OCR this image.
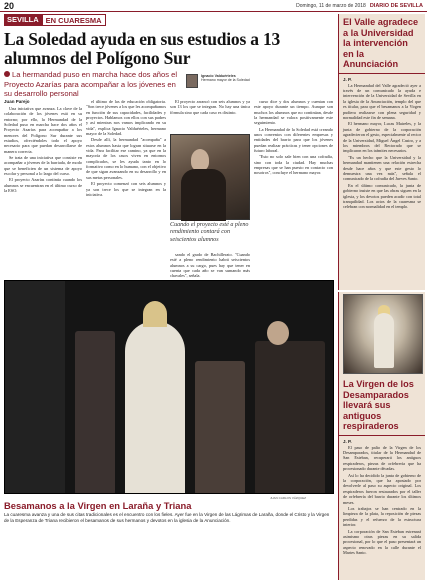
20	Domingo, 11 de marzo de 2018 DIARIO DE SEVILLA
SEVILLA EN CUARESMA
La Soledad ayuda en sus estudios a 13 alumnos del Polígono Sur
La hermandad puso en marcha hace dos años el Proyecto Azarías para acompañar a los jóvenes en su desarrollo personal
Ignacio Valduérteles
Hermano mayor de la Soledad
Juan Parejo

Una iniciativa que avanza. La clave de la colaboración de los jóvenes está en su entorno; por ello, la Hermandad de la Soledad puso en marcha hace dos años el Proyecto Azarías para acompañar a los menores del Polígono Sur durante sus estudios, ofreciéndoles todo el apoyo necesario para que puedan desarrollarse de manera correcta.

Se trata de una iniciativa que consiste en acompañar a jóvenes de la barriada, de modo que se beneficien de un sistema de apoyo escolar y personal a lo largo del curso.

El proyecto Azarías continúa cuando los alumnos se encuentran en el último curso de la ESO.

el último de las de educación obligatoria. "Son trece jóvenes a los que les acompañamos en función de sus capacidades, facilidades y proyectos. Hablamos con ellos con sus padres y así mientras nos vamos implicando en su vida", explica Ignacio Valduérteles, hermano mayor de la Soledad.

Desde allí, la hermandad "acompaña" a estos alumnos hasta que logran situarse en la vida. Para facilitar ese camino, ya que en la mayoría de los casos viven en entornos complicados, se les ayuda tanto en lo formativo como en lo humano, con el objetivo de que sigan avanzando en su desarrollo y en sus metas personales.

El proyecto comenzó con seis alumnos y ya son trece los que se integran en la iniciativa.

El proyecto arrancó con seis alumnos y ya son 13 los que se integran. No hay una única fórmula sino que cada caso es distinto.

Cuando el proyecto esté a pleno rendimiento contará con seiscientos alumnos

sando el grado de Bachillerato. "Cuando esté a pleno rendimiento habrá seiscientos alumnos a su cargo, pues hay que tener en cuenta que cada año se van sumando más chavales", señala.

curso dice y dos alumnos y cuentan con este apoyo durante un tiempo. Aunque son muchos los alumnos que no continúan, desde la hermandad se valora positivamente este seguimiento.

La Hermandad de la Soledad está creando unos convenios con diferentes empresas y entidades del barrio para que los jóvenes puedan realizar prácticas y tener opciones de futuro laboral.

"Esto no solo sale bien con una cofradía, sino con toda la ciudad. Hay muchas empresas que se han puesto en contacto con nosotros", concluye el hermano mayor.

JUAN CARLOS VÁZQUEZ
Besamanos a la Virgen en Laraña y Triana
La cuaresma avanza y una de sus citas tradicionales es el encuentro con los fieles. Ayer fue en la Virgen de las Lágrimas de Laraña, donde el Cristo y la Virgen de la Esperanza de Triana recibieron el besamanos de sus hermanos y devotos en la iglesia de la Anunciación.
El Valle agradece a la Universidad la intervención en la Anunciación
J. P.

La Hermandad del Valle agradeció ayer a través de un comunicado la ayuda e intervención de la Universidad de Sevilla en la iglesia de la Anunciación, templo del que es titular, para que el besamanos a la Virgen pudiera realizarse con plena seguridad y normalidad este fin de semana.

El hermano mayor, Lucas Maireles, y la junta de gobierno de la corporación agradecieron el gesto, especialmente al rector de la Universidad, Miguel Ángel Castro, y a los miembros del Rectorado que se implicaron en los trámites necesarios.

"Es un hecho que la Universidad y la hermandad mantienen una relación estrecha desde hace años y que este gesto lo demuestra una vez más", señala el comunicado de la cofradía del Jueves Santo.

En el último comunicado, la junta de gobierno insiste en que las obras siguen en la iglesia, y los devotos pueden acudir con total tranquilidad. Los actos de la cuaresma se celebran con normalidad en el templo.

La Virgen de los Desamparados llevará sus antiguos respiraderos
J. P.

El paso de palio de la Virgen de los Desamparados, titular de la Hermandad de San Esteban, recuperará los antiguos respiraderos, piezas de orfebrería que ha procesionado durante décadas.

Así lo ha decidido la junta de gobierno de la corporación, que ha apostado por devolverle al paso su aspecto original. Los respiraderos fueron restaurados por el taller de orfebrería del barrio durante los últimos meses.

Los trabajos se han centrado en la limpieza de la plata, la reposición de piezas perdidas y el refuerzo de la estructura interior.

La corporación de San Esteban estrenará asimismo otras piezas en su salida procesional, por lo que el paso presentará un aspecto renovado en la calle durante el Martes Santo.
